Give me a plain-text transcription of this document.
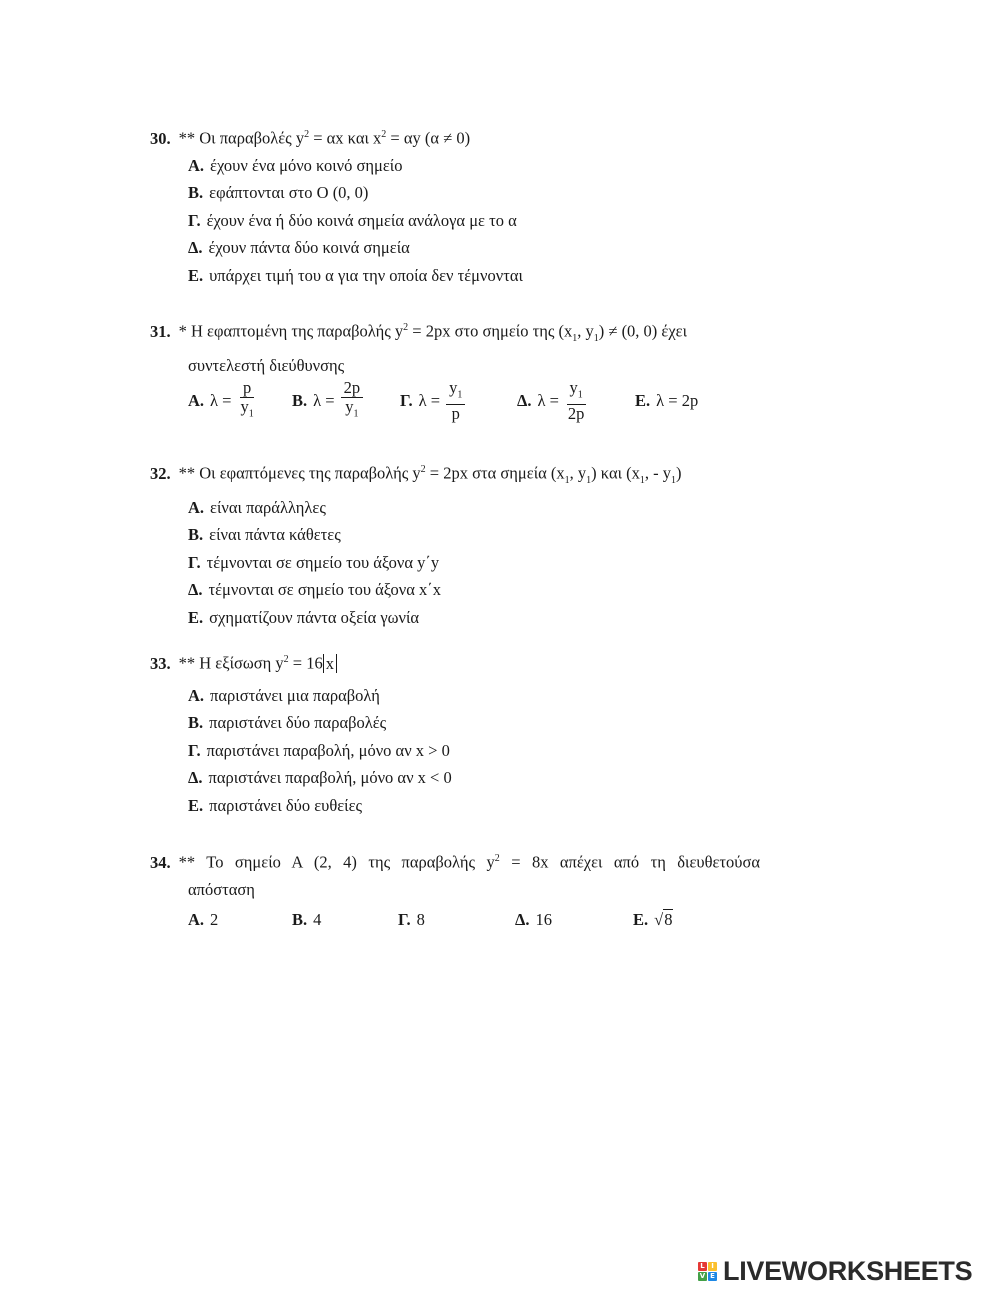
30. ** Οι παραβολές $y^2 = \alpha x$ και $x^2 = \alpha y$ (α ≠ 0)
Α. έχουν ένα μόνο κοινό σημείο
Β. εφάπτονται στο O (0, 0)
Γ. έχουν ένα ή δύο κοινά σημεία ανάλογα με το α
Δ. έχουν πάντα δύο κοινά σημεία
Ε. υπάρχει τιμή του α για την οποία δεν τέμνονται
31. * Η εφαπτομένη της παραβολής $y^2 = 2px$ στο σημείο της ($x_1$, $y_1) \ne (0$, 0) έχει
συντελεστή διεύθυνσης
Α. $\lambda = \frac{p}{y_1} B$. $\lambda = \frac{2p}{y_1} \Gamma$. $\lambda = \frac{y_1}{p}$	Δ. $\lambda = \frac{y_1}{2p}$	Ε. λ = 2p
32. ** Οι εφαπτόμενες της παραβολής $y^2 = 2px$ στα σημεία ($x_1$, $y_1$) και ($x_1$, - $y_1$)
Α. είναι παράλληλες
Β. είναι πάντα κάθετες
Γ. τέμνονται σε σημείο του άξονα y΄y
Δ. τέμνονται σε σημείο του άξονα x΄x
Ε. σχηματίζουν πάντα οξεία γωνία
33. ** Η εξίσωση $y^2 = 16$ x
Α. παριστάνει μια παραβολή
Β. παριστάνει δύο παραβολές
Γ. παριστάνει παραβολή, μόνο αν x > 0
Δ. παριστάνει παραβολή, μόνο αν x < 0
Ε. παριστάνει δύο ευθείες
34. ** Το σημείο Α (2, 4) της παραβολής $y^2 = 8x$ απέχει από τη διευθετούσα
απόσταση
Α. 2	Β. 4	Γ. 8	Δ. 16	Ε. √8
L I
V E LIVEWORKSHEETS
